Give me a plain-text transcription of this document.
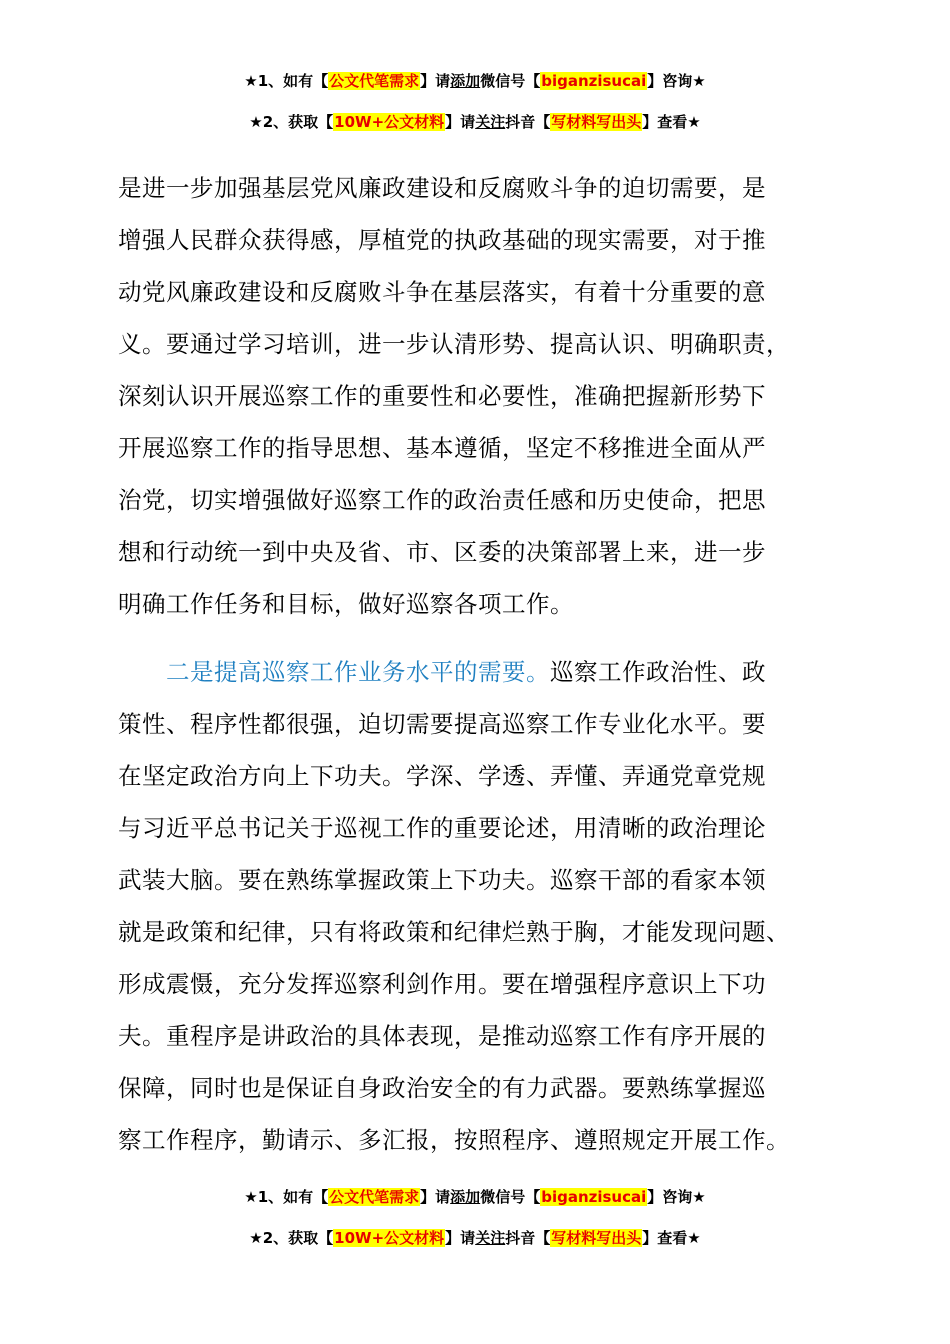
★1、如有【公文代笔需求】请添加微信号【biganzisucai】咨询★
★2、获取【10W+公文材料】请关注抖音【写材料写出头】查看★
是进一步加强基层党风廉政建设和反腐败斗争的迫切需要，是
增强人民群众获得感，厚植党的执政基础的现实需要，对于推
动党风廉政建设和反腐败斗争在基层落实，有着十分重要的意
义。要通过学习培训，进一步认清形势、提高认识、明确职责，
深刻认识开展巡察工作的重要性和必要性，准确把握新形势下
开展巡察工作的指导思想、基本遵循，坚定不移推进全面从严
治党，切实增强做好巡察工作的政治责任感和历史使命，把思
想和行动统一到中央及省、市、区委的决策部署上来，进一步
明确工作任务和目标，做好巡察各项工作。
二是提高巡察工作业务水平的需要。巡察工作政治性、政
策性、程序性都很强，迫切需要提高巡察工作专业化水平。要
在坚定政治方向上下功夫。学深、学透、弄懂、弄通党章党规
与习近平总书记关于巡视工作的重要论述，用清晰的政治理论
武装大脑。要在熟练掌握政策上下功夫。巡察干部的看家本领
就是政策和纪律，只有将政策和纪律烂熟于胸，才能发现问题、
形成震慑，充分发挥巡察利剑作用。要在增强程序意识上下功
夫。重程序是讲政治的具体表现，是推动巡察工作有序开展的
保障，同时也是保证自身政治安全的有力武器。要熟练掌握巡
察工作程序，勤请示、多汇报，按照程序、遵照规定开展工作。
★1、如有【公文代笔需求】请添加微信号【biganzisucai】咨询★
★2、获取【10W+公文材料】请关注抖音【写材料写出头】查看★
